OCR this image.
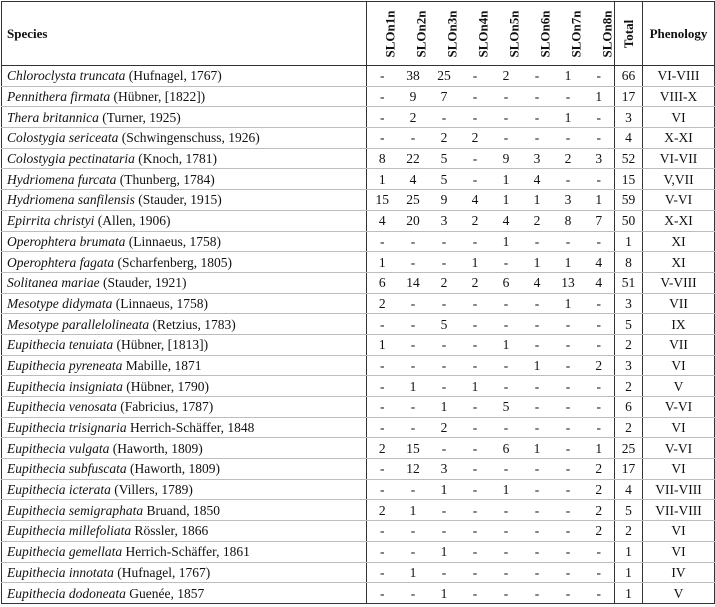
Species	SLOn1n	SLOn2n	SLOn3n	SLOn4n	SLOn5n	SLOn6n	SLOn7n	SLOn8n	Total	Phenology
Chloroclysta truncata (Hufnagel, 1767)	-	38	25	-	2	-	1	-	66	VI-VIII
Pennithera firmata (Hübner, [1822])	-	9	7	-	-	-	-	1	17	VIII-X
Thera britannica (Turner, 1925)	-	2	-	-	-	-	1	-	3	VI
Colostygia sericeata (Schwingenschuss, 1926)	-	-	2	2	-	-	-	-	4	X-XI
Colostygia pectinataria (Knoch, 1781)	8	22	5	-	9	3	2	3	52	VI-VII
Hydriomena furcata (Thunberg, 1784)	1	4	5	-	1	4	-	-	15	V,VII
Hydriomena sanfilensis (Stauder, 1915)	15	25	9	4	1	1	3	1	59	V-VI
Epirrita christyi (Allen, 1906)	4	20	3	2	4	2	8	7	50	X-XI
Operophtera brumata (Linnaeus, 1758)	-	-	-	-	1	-	-	-	1	XI
Operophtera fagata (Scharfenberg, 1805)	1	-	-	1	-	1	1	4	8	XI
Solitanea mariae (Stauder, 1921)	6	14	2	2	6	4	13	4	51	V-VIII
Mesotype didymata (Linnaeus, 1758)	2	-	-	-	-	-	1	-	3	VII
Mesotype parallelolineata (Retzius, 1783)	-	-	5	-	-	-	-	-	5	IX
Eupithecia tenuiata (Hübner, [1813])	1	-	-	-	1	-	-	-	2	VII
Eupithecia pyreneata Mabille, 1871	-	-	-	-	-	1	-	2	3	VI
Eupithecia insigniata (Hübner, 1790)	-	1	-	1	-	-	-	-	2	V
Eupithecia venosata (Fabricius, 1787)	-	-	1	-	5	-	-	-	6	V-VI
Eupithecia trisignaria Herrich-Schäffer, 1848	-	-	2	-	-	-	-	-	2	VI
Eupithecia vulgata (Haworth, 1809)	2	15	-	-	6	1	-	1	25	V-VI
Eupithecia subfuscata (Haworth, 1809)	-	12	3	-	-	-	-	2	17	VI
Eupithecia icterata (Villers, 1789)	-	-	1	-	1	-	-	2	4	VII-VIII
Eupithecia semigraphata Bruand, 1850	2	1	-	-	-	-	-	2	5	VII-VIII
Eupithecia millefoliata Rössler, 1866	-	-	-	-	-	-	-	2	2	VI
Eupithecia gemellata Herrich-Schäffer, 1861	-	-	1	-	-	-	-	-	1	VI
Eupithecia innotata (Hufnagel, 1767)	-	1	-	-	-	-	-	-	1	IV
Eupithecia dodoneata Guenée, 1857	-	-	1	-	-	-	-	-	1	V
